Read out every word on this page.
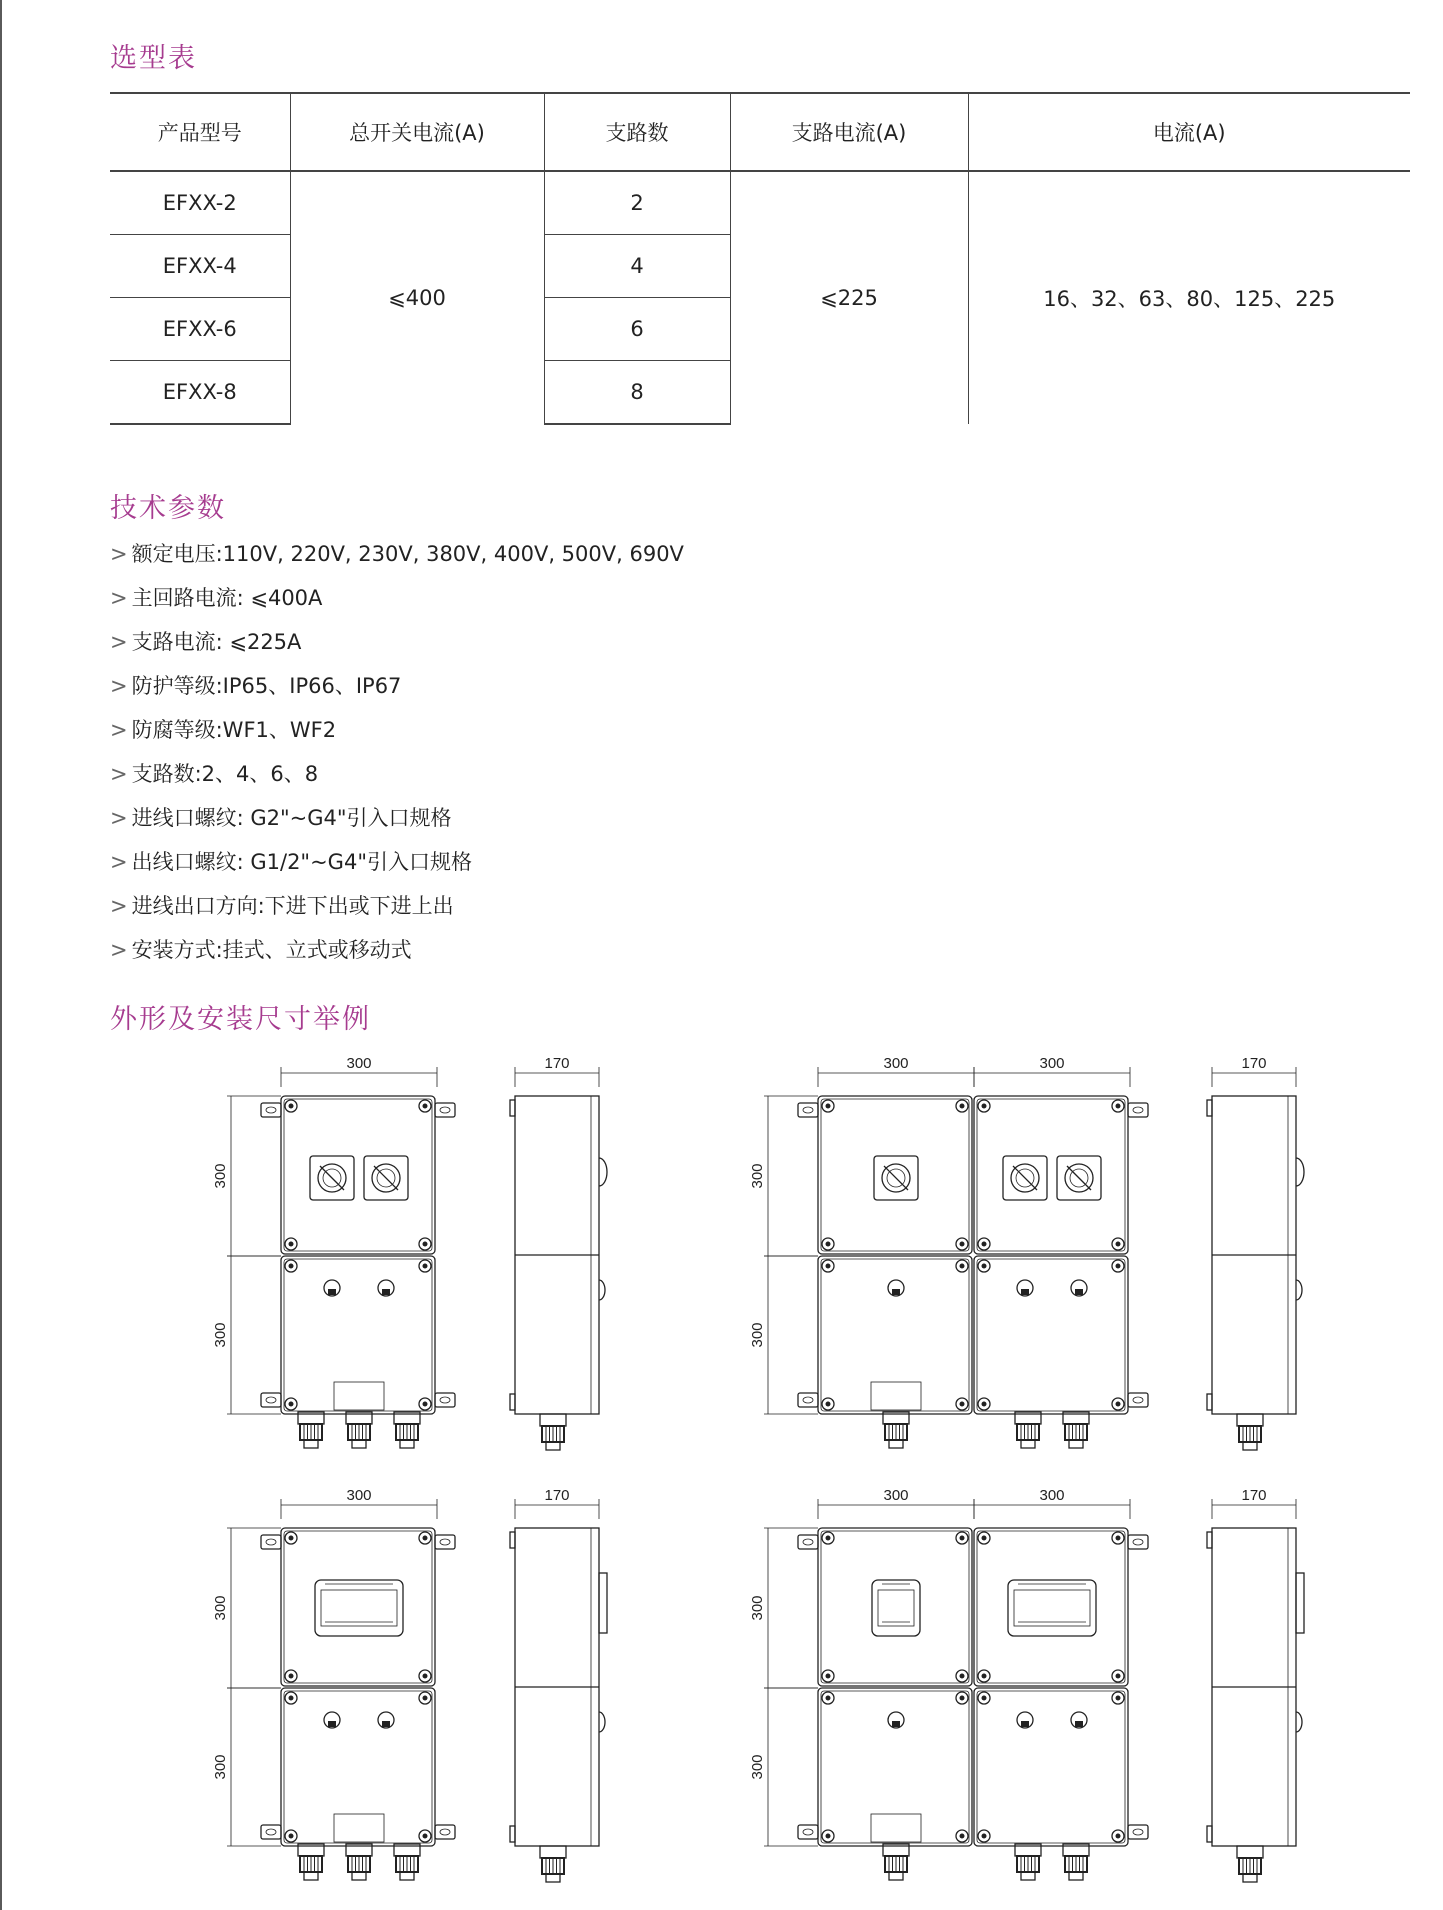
选型表
产品型号	总开关电流(A)	支路数	支路电流(A)	电流(A)
EFXX-2	⩽400	2	⩽225	16、32、63、80、125、225
EFXX-4		4		
EFXX-6		6		
EFXX-8		8		
技术参数
> 额定电压:110V, 220V, 230V, 380V, 400V, 500V, 690V
> 主回路电流: ⩽400A
> 支路电流: ⩽225A
> 防护等级:IP65、IP66、IP67
> 防腐等级:WF1、WF2
> 支路数:2、4、6、8
> 进线口螺纹: G2"~G4"引入口规格
> 出线口螺纹: G1/2"~G4"引入口规格
> 进线出口方向:下进下出或下进上出
> 安装方式:挂式、立式或移动式
外形及安装尺寸举例
300
300
300
170	300	300
300
300
170
300
300
300
170	300	300
300
300
170
